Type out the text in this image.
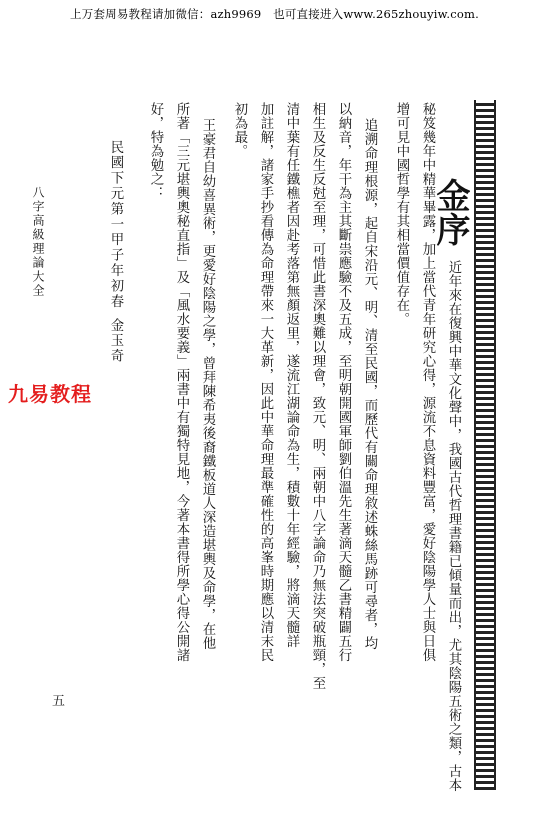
上万套周易教程请加微信：azh9969　也可直接进入www.265zhouyiw.com.
金序
近年來在復興中華文化聲中，我國古代哲理書籍已傾量而出，尤其陰陽五術之類，古本
秘笈幾年中精華畢露，加上當代青年研究心得，源流不息資料豐富，愛好陰陽學人士與日俱
增可見中國哲學有其相當價值存在。
追溯命理根源，起自宋沿元、明、清至民國，而歷代有關命理敘述蛛絲馬跡可尋者，均
以納音，年干為主其斷祟應驗不及五成，至明朝開國軍師劉伯溫先生著滴天髓乙書精闢五行
相生及反生反尅至理，可惜此書深奧難以理會，致元、明、兩朝中八字論命乃無法突破瓶頸，至
清中葉有任鐵樵者因赴考落第無顏返里，遂流江湖論命為生，積數十年經驗，將滴天髓詳
加註解，諸家手抄看傳為命理帶來一大革新，因此中華命理最準確性的高峯時期應以清末民
初為最。
王豪君自幼喜異術，更愛好陰陽之學，曾拜陳希夷後裔鐵板道人深造堪輿及命學，在他
所著「三元堪輿奧秘直指」及「風水要義」兩書中有獨特見地，今著本書得所學心得公開諸
好，特為勉之：
民國下元第一甲子年初春
金玉奇
八字高級理論大全
九易教程
五
